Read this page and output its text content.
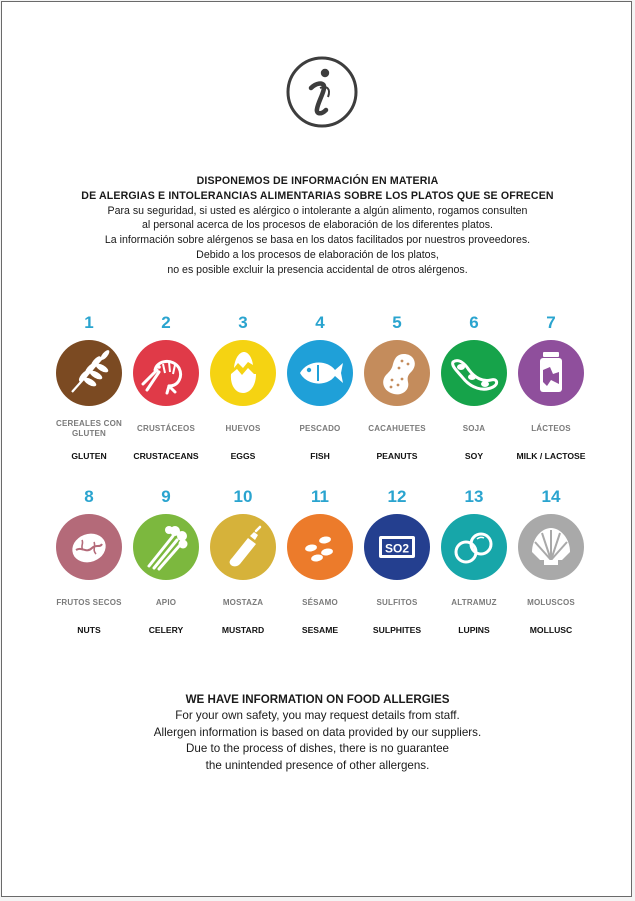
DISPONEMOS DE INFORMACIÓN EN MATERIA
DE ALERGIAS E INTOLERANCIAS ALIMENTARIAS SOBRE LOS PLATOS QUE SE OFRECEN
Para su seguridad, si usted es alérgico o intolerante a algún alimento, rogamos consulten
al personal acerca de los procesos de elaboración de los diferentes platos.
La información sobre alérgenos se basa en los datos facilitados por nuestros proveedores.
Debido a los procesos de elaboración de los platos,
no es posible excluir la presencia accidental de otros alérgenos.
1
CEREALES CON GLUTEN
GLUTEN
2
CRUSTÁCEOS
CRUSTACEANS
3
HUEVOS
EGGS
4
PESCADO
FISH
5
CACAHUETES
PEANUTS
6
SOJA
SOY
7
LÁCTEOS
MILK / LACTOSE
8
FRUTOS SECOS
NUTS
9
APIO
CELERY
10
MOSTAZA
MUSTARD
11
SÉSAMO
SESAME
12
SO2
SULFITOS
SULPHITES
13
ALTRAMUZ
LUPINS
14
MOLUSCOS
MOLLUSC
WE HAVE INFORMATION ON FOOD ALLERGIES
For your own safety, you may request details from staff.
Allergen information is based on data provided by our suppliers.
Due to the process of dishes, there is no guarantee
the unintended presence of other allergens.
